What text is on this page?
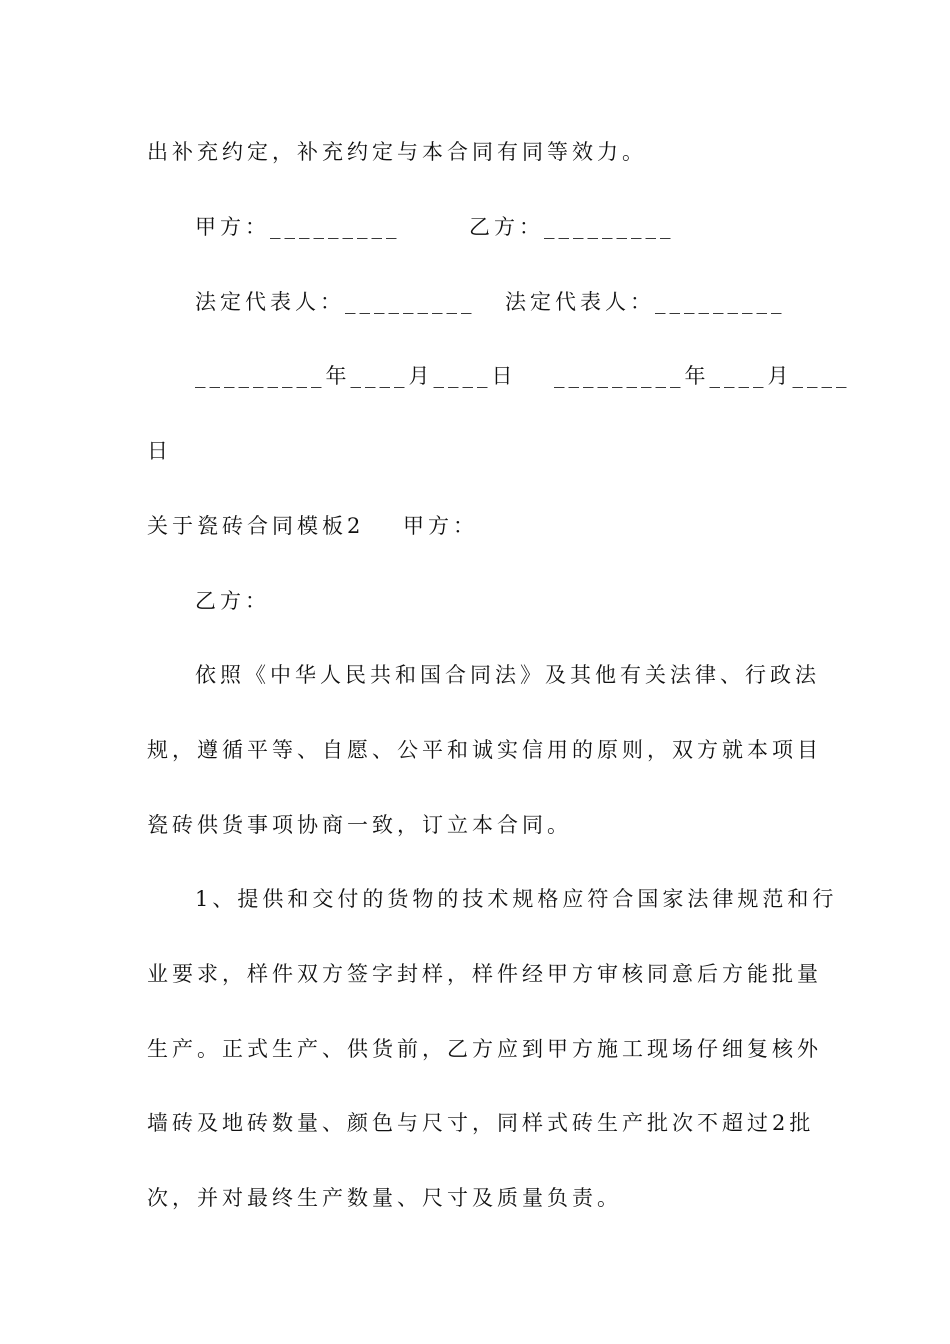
出补充约定，补充约定与本合同有同等效力。
甲方：_________	乙方：_________
法定代表人：_________ 法定代表人：_________
_________年____月____日 _________年____月____
日
关于瓷砖合同模板2 甲方：
乙方：
依照《中华人民共和国合同法》及其他有关法律、行政法
规，遵循平等、自愿、公平和诚实信用的原则，双方就本项目
瓷砖供货事项协商一致，订立本合同。
1、提供和交付的货物的技术规格应符合国家法律规范和行
业要求，样件双方签字封样，样件经甲方审核同意后方能批量
生产。正式生产、供货前，乙方应到甲方施工现场仔细复核外
墙砖及地砖数量、颜色与尺寸，同样式砖生产批次不超过2批
次，并对最终生产数量、尺寸及质量负责。
